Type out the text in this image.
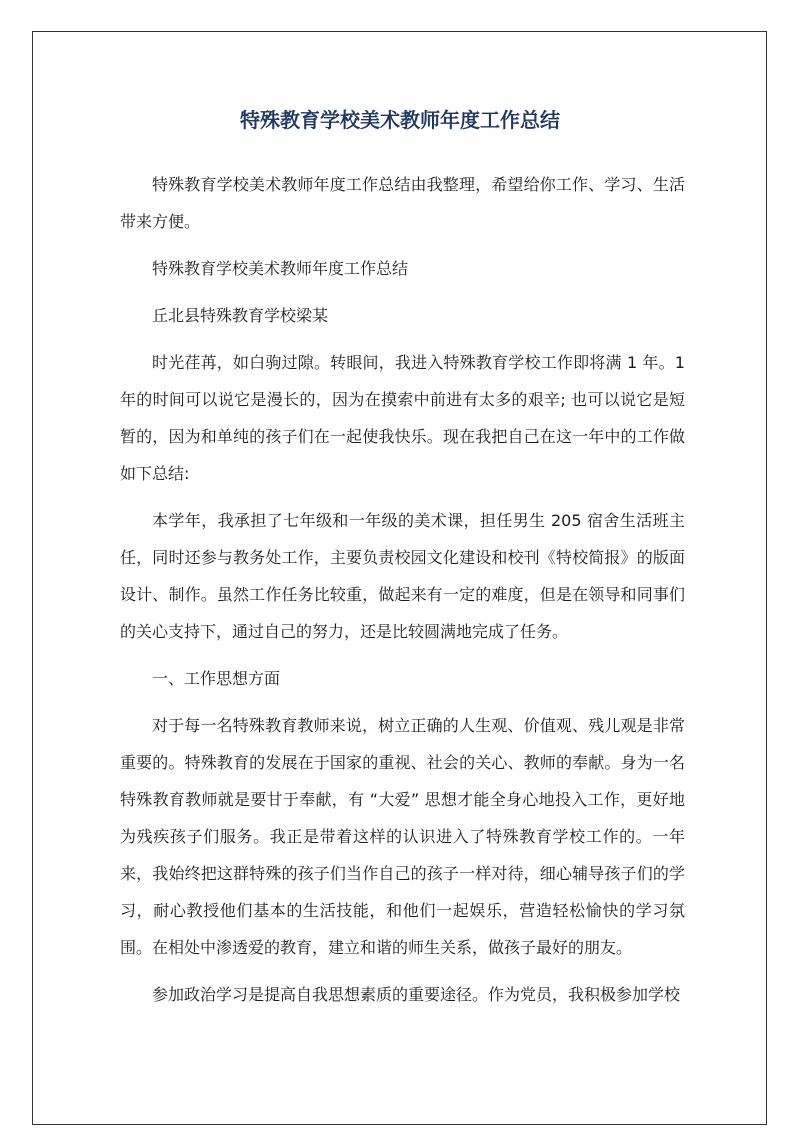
特殊教育学校美术教师年度工作总结

特殊教育学校美术教师年度工作总结由我整理，希望给你工作、学习、生活带来方便。

特殊教育学校美术教师年度工作总结

丘北县特殊教育学校梁某

时光荏苒，如白驹过隙。转眼间，我进入特殊教育学校工作即将满 1 年。1 年的时间可以说它是漫长的，因为在摸索中前进有太多的艰辛; 也可以说它是短暂的，因为和单纯的孩子们在一起使我快乐。现在我把自己在这一年中的工作做如下总结:

本学年，我承担了七年级和一年级的美术课，担任男生 205 宿舍生活班主任，同时还参与教务处工作，主要负责校园文化建设和校刊《特校简报》的版面设计、制作。虽然工作任务比较重，做起来有一定的难度，但是在领导和同事们的关心支持下，通过自己的努力，还是比较圆满地完成了任务。

一、工作思想方面

对于每一名特殊教育教师来说，树立正确的人生观、价值观、残儿观是非常重要的。特殊教育的发展在于国家的重视、社会的关心、教师的奉献。身为一名特殊教育教师就是要甘于奉献，有 “大爱” 思想才能全身心地投入工作，更好地为残疾孩子们服务。我正是带着这样的认识进入了特殊教育学校工作的。一年来，我始终把这群特殊的孩子们当作自己的孩子一样对待，细心辅导孩子们的学习，耐心教授他们基本的生活技能，和他们一起娱乐，营造轻松愉快的学习氛围。在相处中渗透爱的教育，建立和谐的师生关系，做孩子最好的朋友。

参加政治学习是提高自我思想素质的重要途径。作为党员，我积极参加学校
